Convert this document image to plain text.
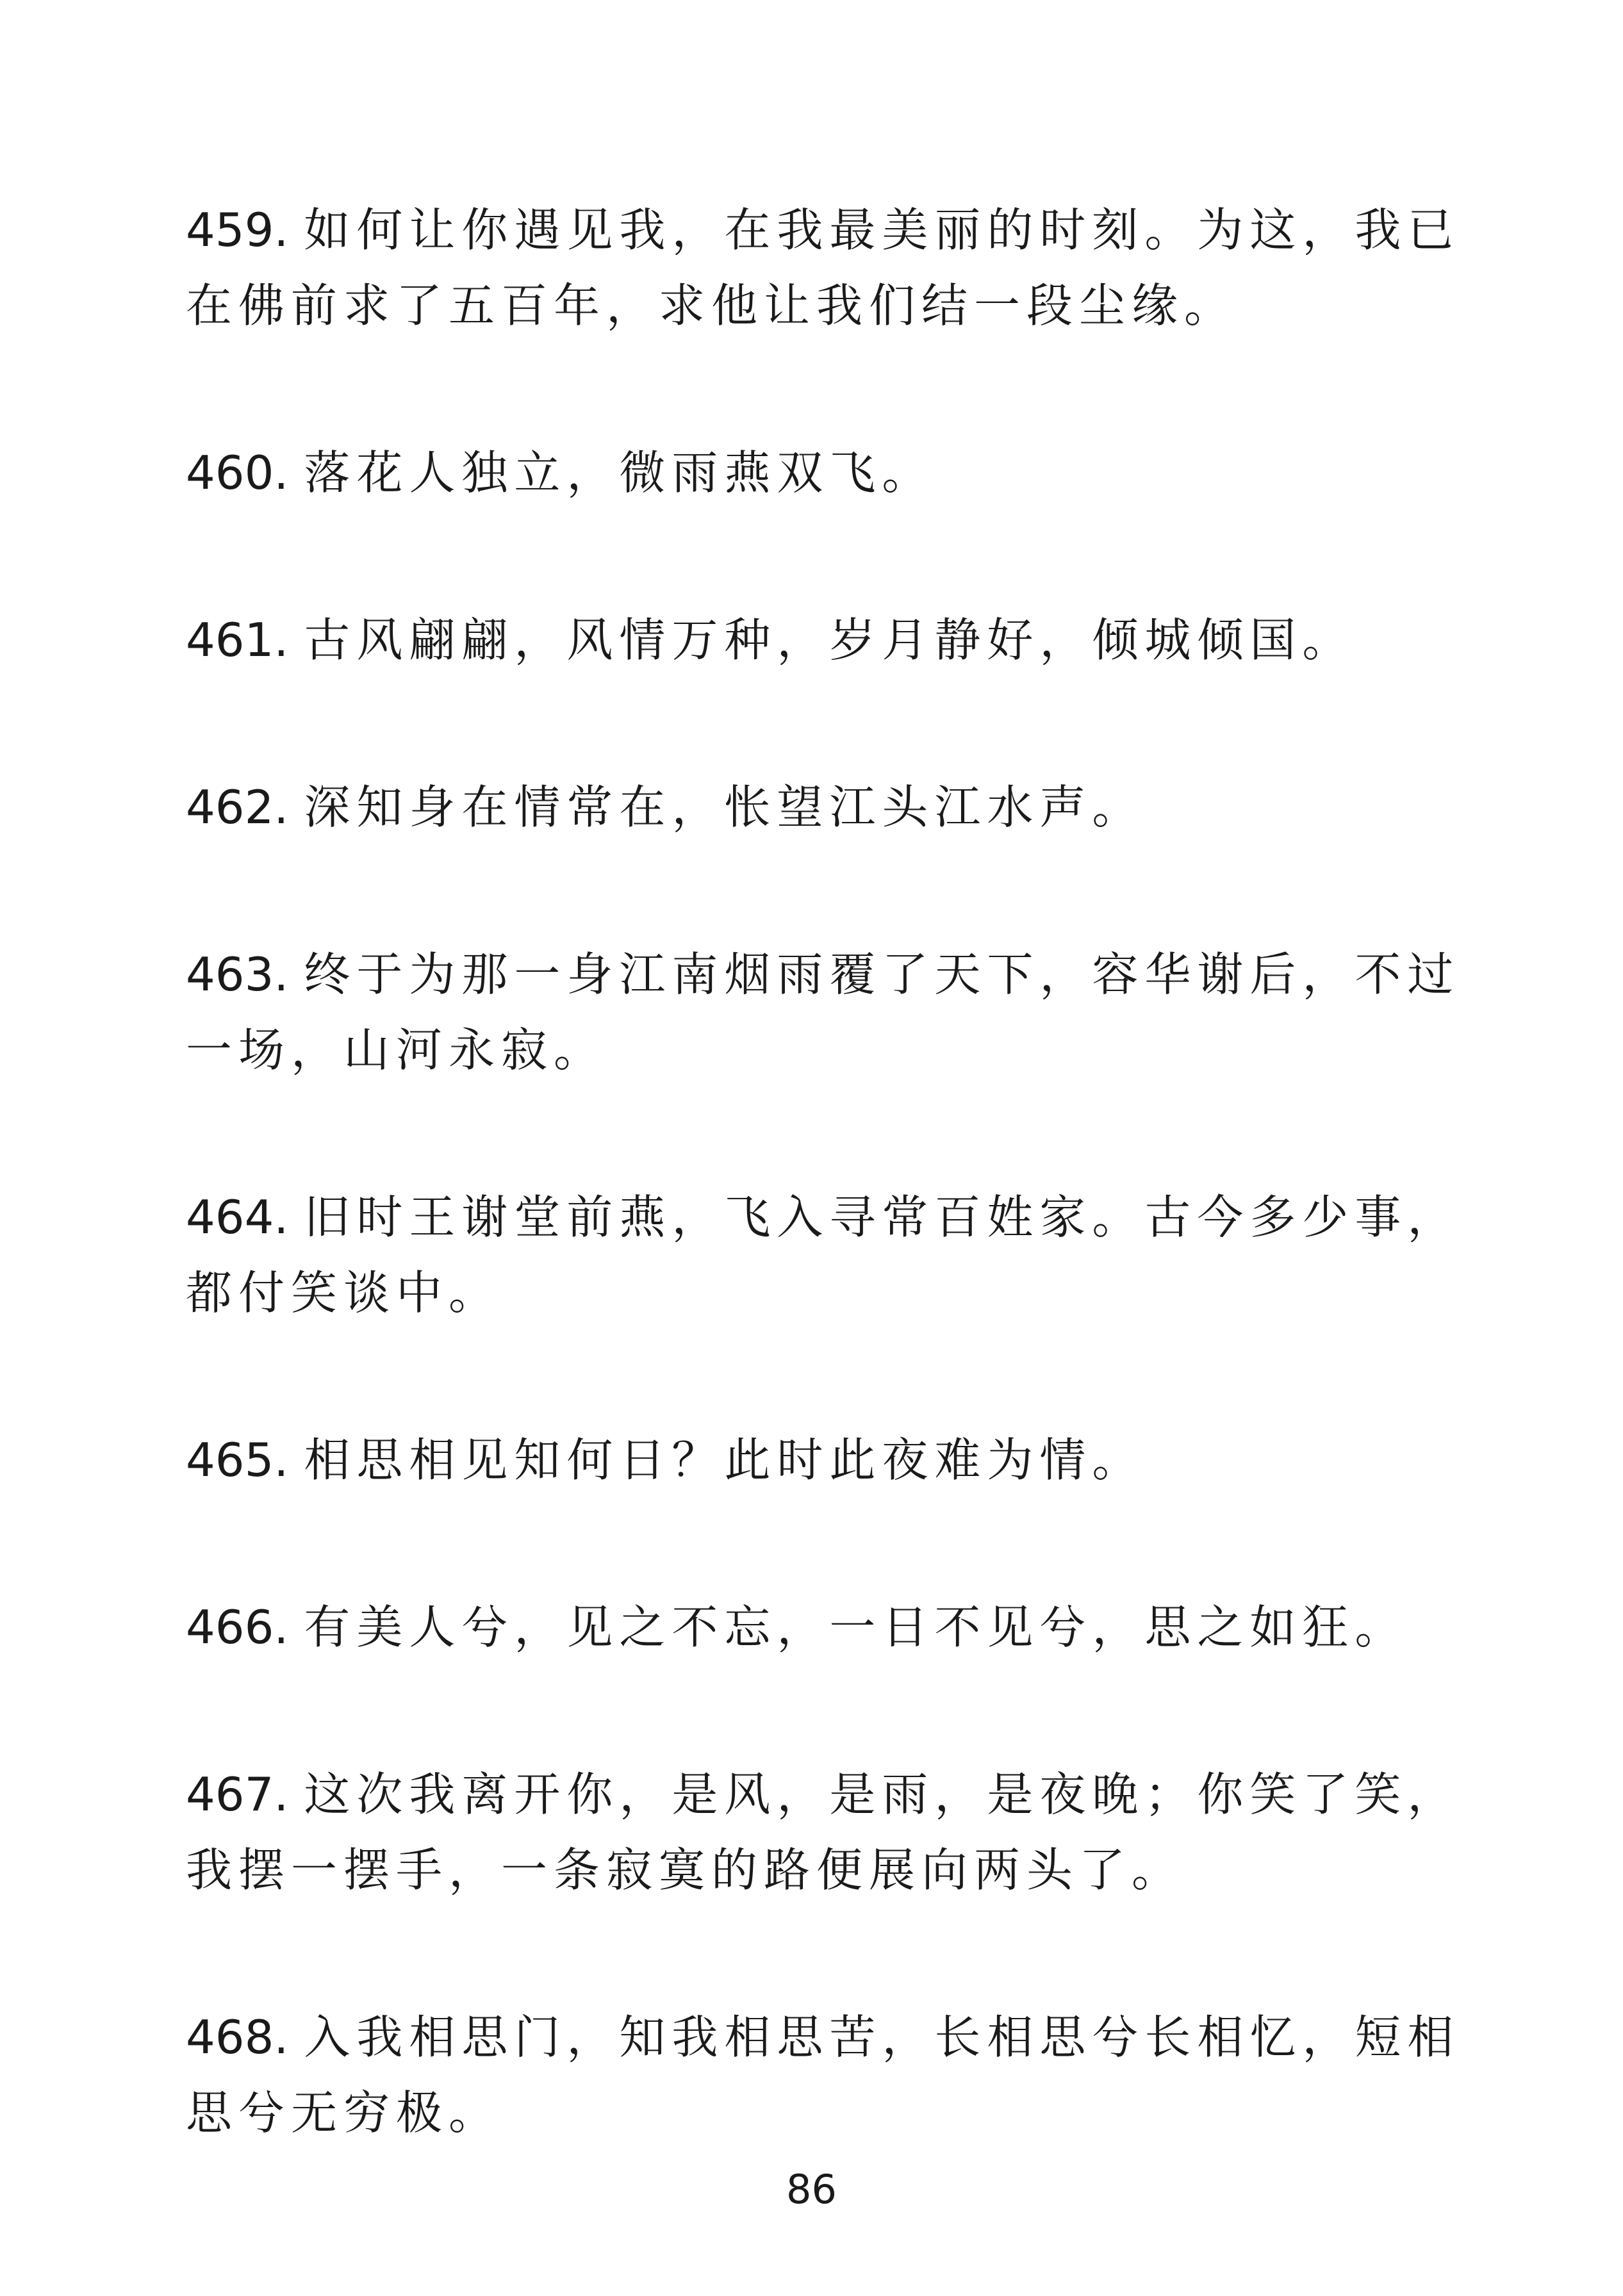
459. 如何让你遇见我，在我最美丽的时刻。为这，我已在佛前求了五百年，求他让我们结一段尘缘。

460. 落花人独立，微雨燕双飞。

461. 古风翩翩，风情万种，岁月静好，倾城倾国。

462. 深知身在情常在，怅望江头江水声。

463. 终于为那一身江南烟雨覆了天下，容华谢后，不过一场，山河永寂。

464. 旧时王谢堂前燕，飞入寻常百姓家。古今多少事，都付笑谈中。

465. 相思相见知何日？此时此夜难为情。

466. 有美人兮，见之不忘，一日不见兮，思之如狂。

467. 这次我离开你，是风，是雨，是夜晚；你笑了笑，我摆一摆手，一条寂寞的路便展向两头了。

468. 入我相思门，知我相思苦，长相思兮长相忆，短相思兮无穷极。

86
